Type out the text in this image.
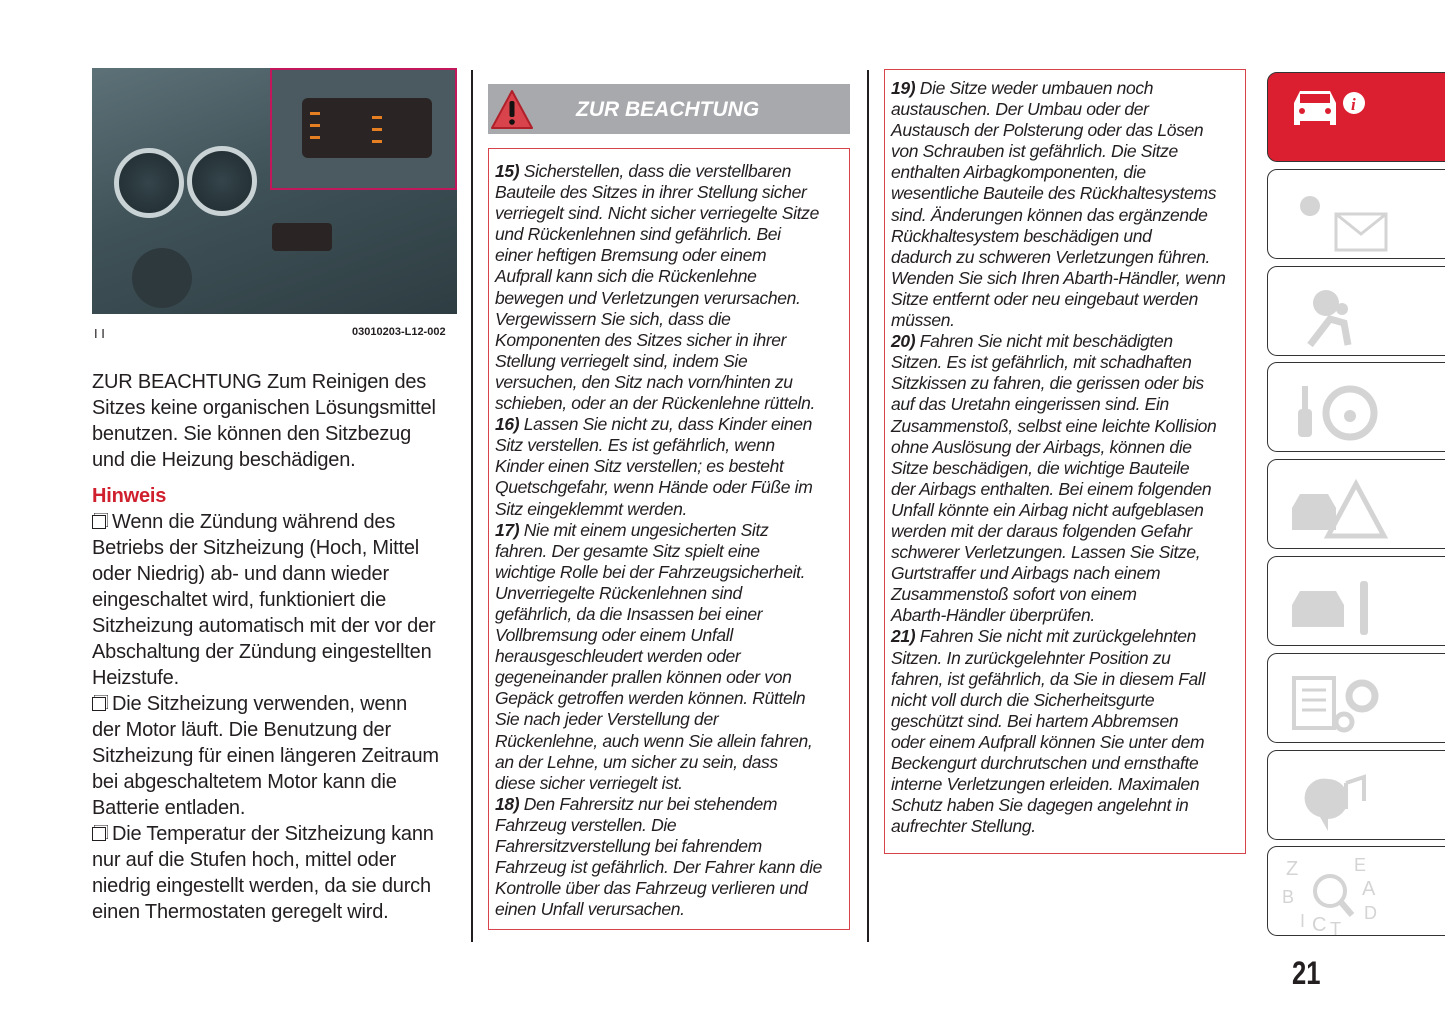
I I	03010203-L12-002

ZUR BEACHTUNG Zum Reinigen des

Sitzes keine organischen Lösungsmittel

benutzen. Sie können den Sitzbezug

und die Heizung beschädigen.

Hinweis

Wenn die Zündung während des

Betriebs der Sitzheizung (Hoch, Mittel

oder Niedrig) ab- und dann wieder

eingeschaltet wird, funktioniert die

Sitzheizung automatisch mit der vor der

Abschaltung der Zündung eingestellten

Heizstufe.

Die Sitzheizung verwenden, wenn

der Motor läuft. Die Benutzung der

Sitzheizung für einen längeren Zeitraum

bei abgeschaltetem Motor kann die

Batterie entladen.

Die Temperatur der Sitzheizung kann

nur auf die Stufen hoch, mittel oder

niedrig eingestellt werden, da sie durch

einen Thermostaten geregelt wird.

ZUR BEACHTUNG
15) Sicherstellen, dass die verstellbaren
Bauteile des Sitzes in ihrer Stellung sicher
verriegelt sind. Nicht sicher verriegelte Sitze
und Rückenlehnen sind gefährlich. Bei
einer heftigen Bremsung oder einem
Aufprall kann sich die Rückenlehne
bewegen und Verletzungen verursachen.
Vergewissern Sie sich, dass die
Komponenten des Sitzes sicher in ihrer
Stellung verriegelt sind, indem Sie
versuchen, den Sitz nach vorn/hinten zu
schieben, oder an der Rückenlehne rütteln.
16) Lassen Sie nicht zu, dass Kinder einen
Sitz verstellen. Es ist gefährlich, wenn
Kinder einen Sitz verstellen; es besteht
Quetschgefahr, wenn Hände oder Füße im
Sitz eingeklemmt werden.
17) Nie mit einem ungesicherten Sitz
fahren. Der gesamte Sitz spielt eine
wichtige Rolle bei der Fahrzeugsicherheit.
Unverriegelte Rückenlehnen sind
gefährlich, da die Insassen bei einer
Vollbremsung oder einem Unfall
herausgeschleudert werden oder
gegeneinander prallen können oder von
Gepäck getroffen werden können. Rütteln
Sie nach jeder Verstellung der
Rückenlehne, auch wenn Sie allein fahren,
an der Lehne, um sicher zu sein, dass
diese sicher verriegelt ist.
18) Den Fahrersitz nur bei stehendem
Fahrzeug verstellen. Die
Fahrersitzverstellung bei fahrendem
Fahrzeug ist gefährlich. Der Fahrer kann die
Kontrolle über das Fahrzeug verlieren und
einen Unfall verursachen.
19) Die Sitze weder umbauen noch
austauschen. Der Umbau oder der
Austausch der Polsterung oder das Lösen
von Schrauben ist gefährlich. Die Sitze
enthalten Airbagkomponenten, die
wesentliche Bauteile des Rückhaltesystems
sind. Änderungen können das ergänzende
Rückhaltesystem beschädigen und
dadurch zu schweren Verletzungen führen.
Wenden Sie sich Ihren Abarth-Händler, wenn
Sitze entfernt oder neu eingebaut werden
müssen.
20) Fahren Sie nicht mit beschädigten
Sitzen. Es ist gefährlich, mit schadhaften
Sitzkissen zu fahren, die gerissen oder bis
auf das Uretahn eingerissen sind. Ein
Zusammenstoß, selbst eine leichte Kollision
ohne Auslösung der Airbags, können die
Sitze beschädigen, die wichtige Bauteile
der Airbags enthalten. Bei einem folgenden
Unfall könnte ein Airbag nicht aufgeblasen
werden mit der daraus folgenden Gefahr
schwerer Verletzungen. Lassen Sie Sitze,
Gurtstraffer und Airbags nach einem
Zusammenstoß sofort von einem
Abarth-Händler überprüfen.
21) Fahren Sie nicht mit zurückgelehnten
Sitzen. In zurückgelehnter Position zu
fahren, ist gefährlich, da Sie in diesem Fall
nicht voll durch die Sicherheitsgurte
geschützt sind. Bei hartem Abbremsen
oder einem Aufprall können Sie unter dem
Beckengurt durchrutschen und ernsthafte
interne Verletzungen erleiden. Maximalen
Schutz haben Sie dagegen angelehnt in
aufrechter Stellung.
i
Z	E
A
B
D
I C T
21
